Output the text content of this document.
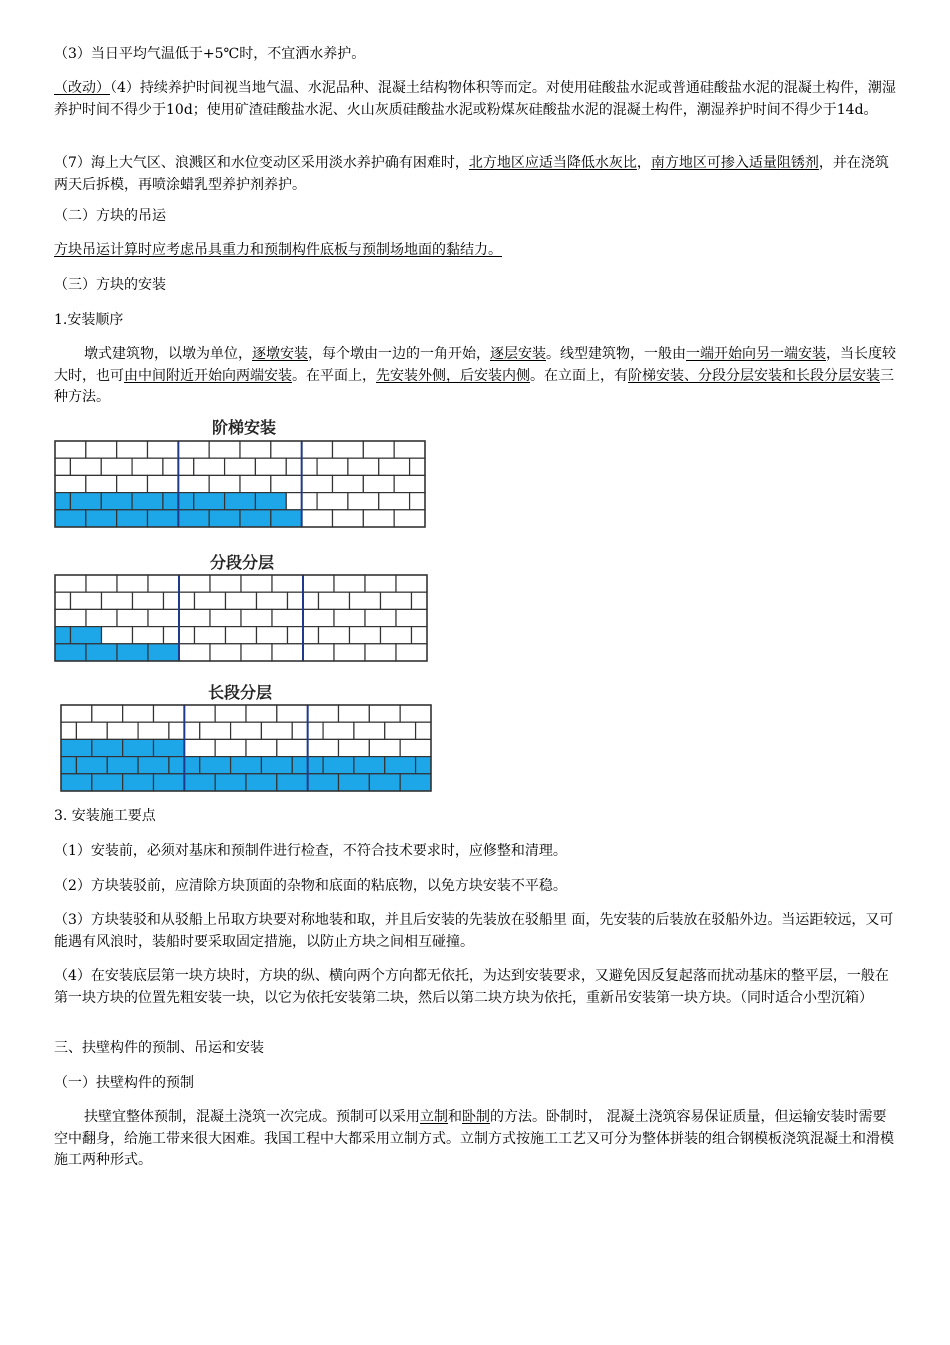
（3）当日平均气温低于+5℃时，不宜洒水养护。

（改动）（4）持续养护时间视当地气温、水泥品种、混凝土结构物体积等而定。对使用硅酸盐水泥或普通硅酸盐水泥的混凝土构件，潮湿养护时间不得少于10d；使用矿渣硅酸盐水泥、火山灰质硅酸盐水泥或粉煤灰硅酸盐水泥的混凝土构件，潮湿养护时间不得少于14d。

（7）海上大气区、浪溅区和水位变动区采用淡水养护确有困难时，北方地区应适当降低水灰比，南方地区可掺入适量阻锈剂，并在浇筑两天后拆模，再喷涂蜡乳型养护剂养护。

（二）方块的吊运

方块吊运计算时应考虑吊具重力和预制构件底板与预制场地面的黏结力。

（三）方块的安装

1.安装顺序

墩式建筑物，以墩为单位，逐墩安装，每个墩由一边的一角开始，逐层安装。线型建筑物，一般由一端开始向另一端安装，当长度较大时，也可由中间附近开始向两端安装。在平面上，先安装外侧，后安装内侧。在立面上，有阶梯安装、分段分层安装和长段分层安装三种方法。

阶梯安装
分段分层
长段分层

3. 安装施工要点

（1）安装前，必须对基床和预制件进行检查，不符合技术要求时，应修整和清理。

（2）方块装驳前，应清除方块顶面的杂物和底面的粘底物，以免方块安装不平稳。

（3）方块装驳和从驳船上吊取方块要对称地装和取，并且后安装的先装放在驳船里 面，先安装的后装放在驳船外边。当运距较远，又可能遇有风浪时，装船时要采取固定措施，以防止方块之间相互碰撞。

（4）在安装底层第一块方块时，方块的纵、横向两个方向都无依托，为达到安装要求，又避免因反复起落而扰动基床的整平层，一般在第一块方块的位置先粗安装一块，以它为依托安装第二块，然后以第二块方块为依托，重新吊安装第一块方块。（同时适合小型沉箱）

三、扶壁构件的预制、吊运和安装

（一）扶壁构件的预制

扶壁宜整体预制，混凝土浇筑一次完成。预制可以采用立制和卧制的方法。卧制时， 混凝土浇筑容易保证质量，但运输安装时需要空中翻身，给施工带来很大困难。我国工程中大都采用立制方式。立制方式按施工工艺又可分为整体拼装的组合钢模板浇筑混凝土和滑模施工两种形式。
